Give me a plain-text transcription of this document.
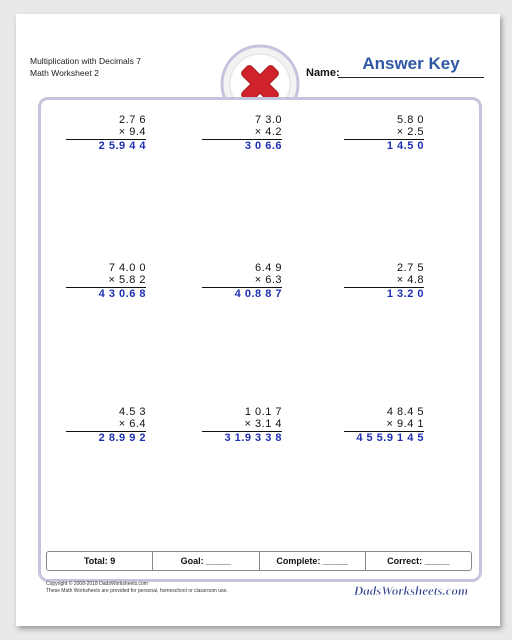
Multiplication with Decimals 7
Math Worksheet 2	Name:	Answer Key
2.7 6
× 9.4
2 5.9 4 4
7 3.0
× 4.2
3 0 6.6
5.8 0
× 2.5
1 4.5 0
7 4.0 0
× 5.8 2
4 3 0.6 8
6.4 9
× 6.3
4 0.8 8 7
2.7 5
× 4.8
1 3.2 0
4.5 3
× 6.4
2 8.9 9 2
1 0.1 7
× 3.1 4
3 1.9 3 3 8
4 8.4 5
× 9.4 1
4 5 5.9 1 4 5
Total: 9	Goal: _____	Complete: _____	Correct: _____
Copyright © 2008-2018 DadsWorksheets.com
These Math Worksheets are provided for personal, homeschool or classroom use.	DadsWorksheets.com
